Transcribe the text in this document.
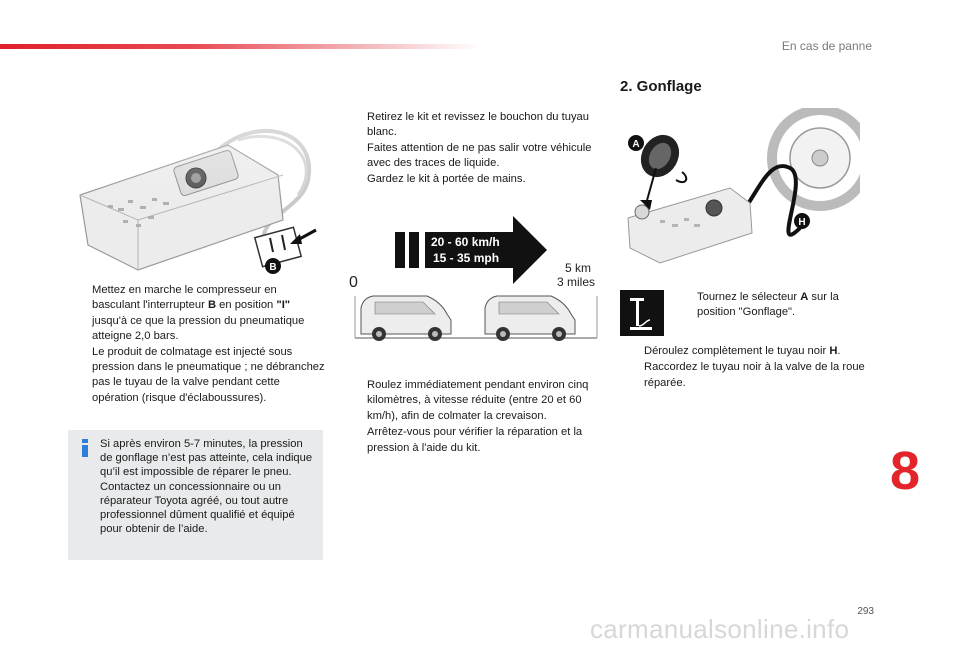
En cas de panne
B
Mettez en marche le compresseur en basculant l'interrupteur B en position "I" jusqu'à ce que la pression du pneumatique atteigne 2,0 bars.
Le produit de colmatage est injecté sous pression dans le pneumatique ; ne débranchez pas le tuyau de la valve pendant cette opération (risque d'éclaboussures).
Si après environ 5-7 minutes, la pression de gonflage n’est pas atteinte, cela indique qu’il est impossible de réparer le pneu. Contactez un concessionnaire ou un réparateur Toyota agréé, ou tout autre professionnel dûment qualifié et équipé pour obtenir de l’aide.
Retirez le kit et revissez le bouchon du tuyau blanc.
Faites attention de ne pas salir votre véhicule avec des traces de liquide.
Gardez le kit à portée de mains.
20 - 60 km/h
15 - 35 mph
5 km
3 miles
0
Roulez immédiatement pendant environ cinq kilomètres, à vitesse réduite (entre 20 et 60 km/h), afin de colmater la crevaison.
Arrêtez-vous pour vérifier la réparation et la pression à l'aide du kit.
2. Gonflage
A
H
Tournez le sélecteur A sur la position "Gonflage".
Déroulez complètement le tuyau noir H.
Raccordez le tuyau noir à la valve de la roue réparée.
8
293
carmanualsonline.info
